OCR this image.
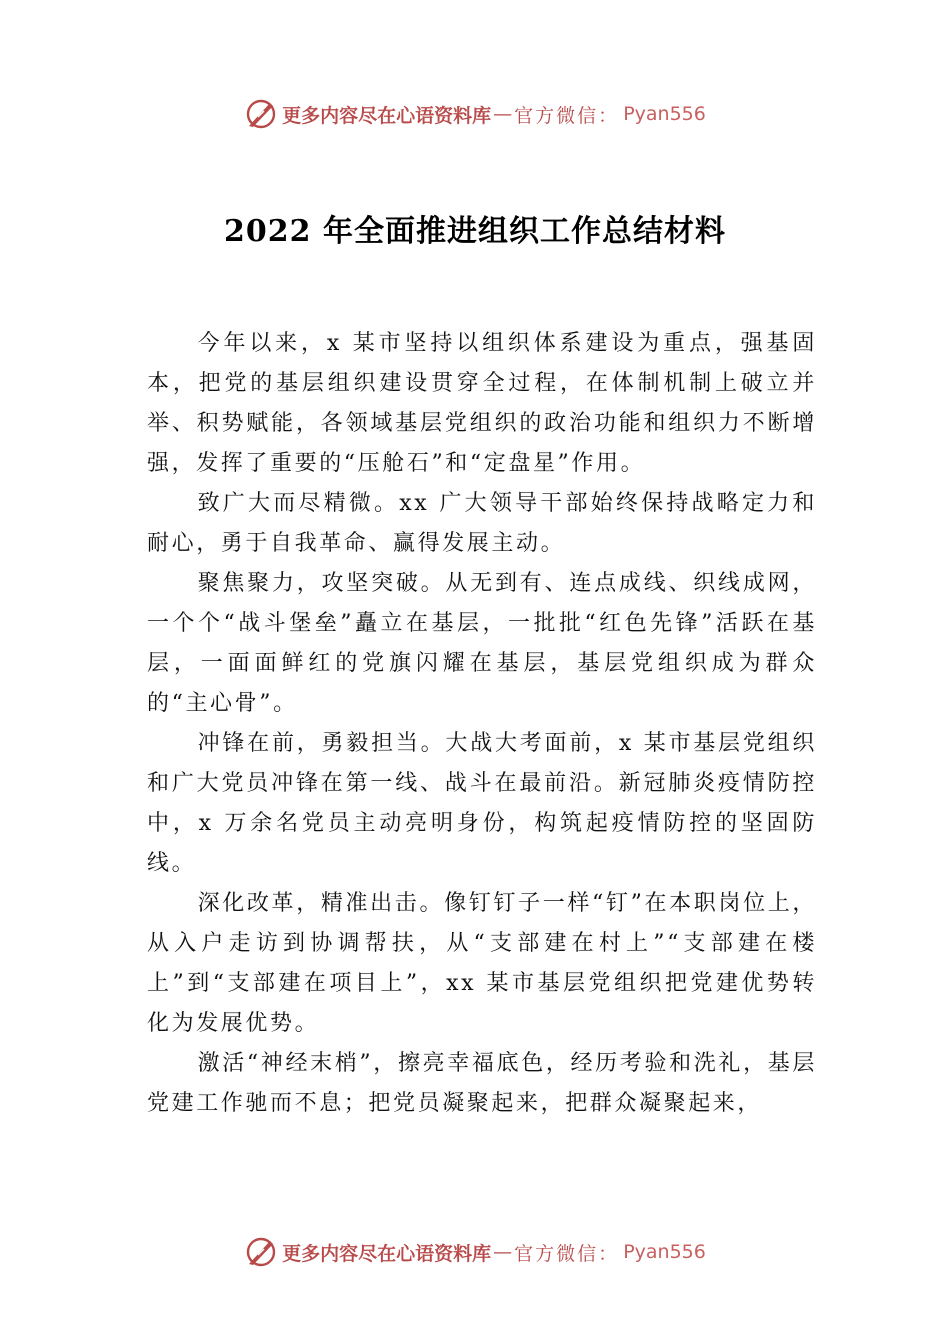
更多内容尽在心语资料库 — 官方微信： Pyan556
2022 年全面推进组织工作总结材料

今年以来，x 某市坚持以组织体系建设为重点，强基固本，把党的基层组织建设贯穿全过程，在体制机制上破立并举、积势赋能，各领域基层党组织的政治功能和组织力不断增强，发挥了重要的“压舱石”和“定盘星”作用。

致广大而尽精微。xx 广大领导干部始终保持战略定力和耐心，勇于自我革命、赢得发展主动。

聚焦聚力，攻坚突破。从无到有、连点成线、织线成网，一个个“战斗堡垒”矗立在基层，一批批“红色先锋”活跃在基层，一面面鲜红的党旗闪耀在基层，基层党组织成为群众的“主心骨”。

冲锋在前，勇毅担当。大战大考面前，x 某市基层党组织和广大党员冲锋在第一线、战斗在最前沿。新冠肺炎疫情防控中，x 万余名党员主动亮明身份，构筑起疫情防控的坚固防线。

深化改革，精准出击。像钉钉子一样“钉”在本职岗位上，从入户走访到协调帮扶，从“支部建在村上”“支部建在楼上”到“支部建在项目上”，xx 某市基层党组织把党建优势转化为发展优势。

激活“神经末梢”，擦亮幸福底色，经历考验和洗礼，基层党建工作驰而不息；把党员凝聚起来，把群众凝聚起来，

更多内容尽在心语资料库 — 官方微信： Pyan556
